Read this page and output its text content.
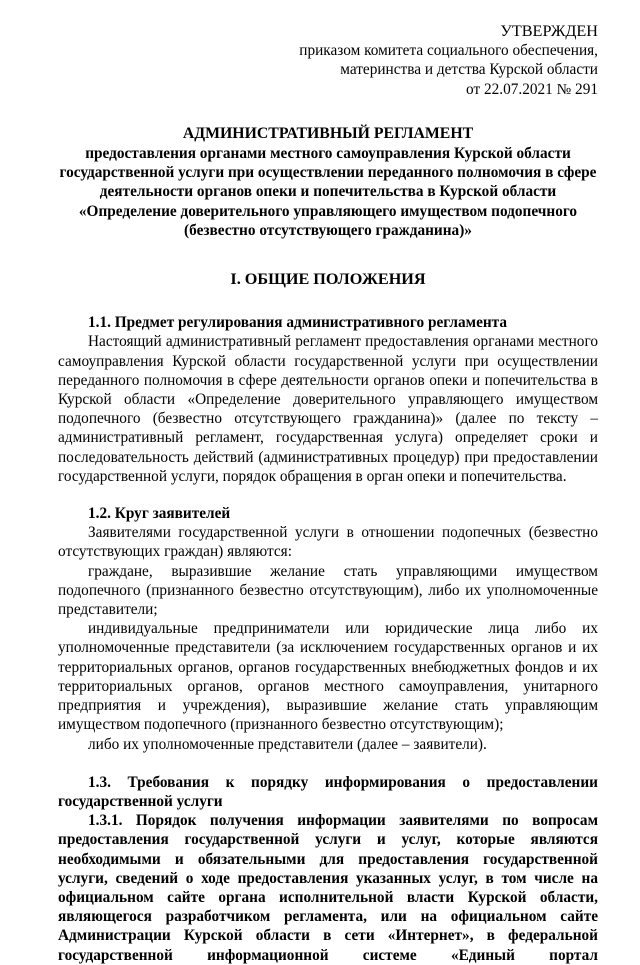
УТВЕРЖДЕН
приказом комитета социального обеспечения,
материнства и детства Курской области
от 22.07.2021 № 291
АДМИНИСТРАТИВНЫЙ РЕГЛАМЕНТ
предоставления органами местного самоуправления Курской области
государственной услуги при осуществлении переданного полномочия в сфере
деятельности органов опеки и попечительства в Курской области
«Определение доверительного управляющего имуществом подопечного
(безвестно отсутствующего гражданина)»
I. ОБЩИЕ ПОЛОЖЕНИЯ
1.1. Предмет регулирования административного регламента

Настоящий административный регламент предоставления органами местного самоуправления Курской области государственной услуги при осуществлении переданного полномочия в сфере деятельности органов опеки и попечительства в Курской области «Определение доверительного управляющего имуществом подопечного (безвестно отсутствующего гражданина)» (далее по тексту – административный регламент, государственная услуга) определяет сроки и последовательность действий (административных процедур) при предоставлении государственной услуги, порядок обращения в орган опеки и попечительства.

1.2. Круг заявителей

Заявителями государственной услуги в отношении подопечных (безвестно отсутствующих граждан) являются:

граждане, выразившие желание стать управляющими имуществом подопечного (признанного безвестно отсутствующим), либо их уполномоченные представители;

индивидуальные предприниматели или юридические лица либо их уполномоченные представители (за исключением государственных органов и их территориальных органов, органов государственных внебюджетных фондов и их территориальных органов, органов местного самоуправления, унитарного предприятия и учреждения), выразившие желание стать управляющим имуществом подопечного (признанного безвестно отсутствующим);

либо их уполномоченные представители (далее – заявители).

1.3. Требования к порядку информирования о предоставлении государственной услуги

1.3.1. Порядок получения информации заявителями по вопросам предоставления государственной услуги и услуг, которые являются необходимыми и обязательными для предоставления государственной услуги, сведений о ходе предоставления указанных услуг, в том числе на официальном сайте органа исполнительной власти Курской области, являющегося разработчиком регламента, или на официальном сайте Администрации Курской области в сети «Интернет», в федеральной государственной информационной системе «Единый портал
